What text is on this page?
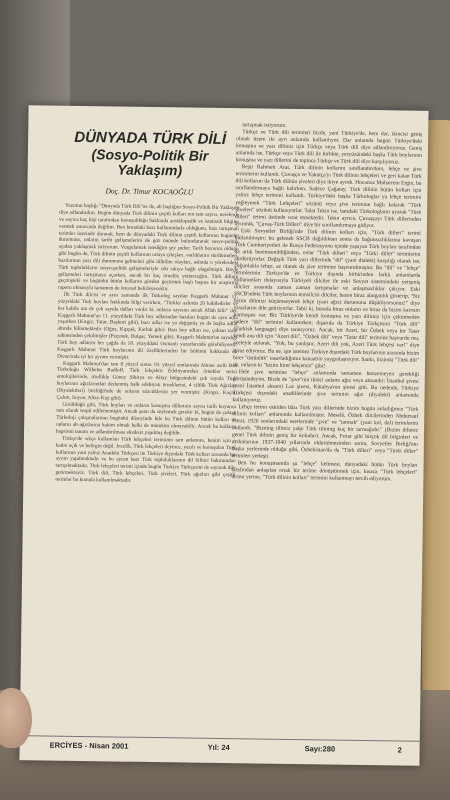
DÜNYADA TÜRK DİLİ
(Sosyo-Politik Bir
Yaklaşım)
Doç. Dr. Timur KOCAOĞLU

Yazımın başlığı "Dünyada Türk Dili"ne de, alt başlığını Sosyo-Politik Bir Yaklaşım diye adlandırdım. Bugün dünyada Türk dilinin çeşitli kolları nın tam sayısı, nerelerde ve sayıca kaç kişi tarafından konuşulduğu hakkında ansiklopedik ve istatistik bilgiler vermek amacında değilim. Ben buradaki bazı kullanımlarla olduğunu, bazı tartışmalı terimler üzerinde durarak, hem de dünyadaki Türk dilinin çeşitli kollarının bugünkü durumuna, onların tarihi gelişmelerini de göz önünde bulundurarak sosyo-politik açıdan yaklaşmak istiyorum. Vurgulamak istediğim şey şudur: Tarih boyunca olduğu gibi bugün de, Türk dilinin çeşitli kollarının ortaya çıkışları, varlıklarını sürdürmeleri, bazılarının yazı dili durumuna gelmeleri gibi dilbilim olayları, aslında o yörelerdeki Türk toplulukların sosyo-politik gelişmeleriyle sıkı sıkıya bağlı olagelmiştir. Böyle gelişmeleri tartışmaya açarken, ancak bir kaç örnekle yetineceğim. Türk dilinin geçmişteki ve bugünkü bütün kollarını gözden geçirmek başlı başına bir araştırma raporu olmasıyla tamamen de öncesel belirleyecektir.

İlk Türk dilcisi ve aynı zamanda ilk Türkolog sayılan Kaşgarlı Mahmut 11. yüzyıldaki Türk boyları hakkında bilgi verirken, "Türkler aslında 20 kabiledirler ve her kabile nin de çok sayıda dalları vardır ki, onların sayısını ancak Allah bilir" der. Kaşgarlı Mahmut'un 11. yüzyıldaki Türk boy adlarından bazıları bugün de aynı adla yaşarken (Kırgız, Tatar, Başkurt gibi), bazı adlar ise ya değişmiş ya da başka adlar altında bilinmektedir (Oğuz, Kıpçak, Karluk gibi). Bazı boy adları ise, çoktan tarih sahnesinden çekilmişler (Peçenek, Bulgar, Yemek gibi). Kaşgarlı Mahmut'un sayıdığı Türk boy adlarını her çağda da 18. yüzyıldaki Osmanlı yazarlarında görebiliyoruz. Kaşgarlı Mahmut Türk boylarının dil özelliklerinden bir bölümü hakkında da Divan'ında iyi bir ayrıntı vermiştir.

Kaşgarlı Mahmut'dan tam 8 yüzyıl sonra 19. yüzyıl sonlarında Alman asıllı Rus Türkoloğu Wilhelm Radloff, Türk lehçeleri Edebiyatından örnekler serisi antolojilerinde, özellikle Güney Sibirya ve Altay bölgesindeki çok sayıda Türk boylarının ağızlarından derlenmiş halk edebiyatı örneklerini, 4 ciltlik Türk Ağızları (Diyalektleri) Sözlüğü'nde de onların sözcüklerini yer vermiştir. (Kırgız, Kaçin, Çulım, Soyon, Altay-Kişi gibi).

Görüldüğü gibi, Türk boyları ve onların konuşma dillerinin sayısı tarih boyunca tam olarak tespit edilememiştir. Ancak şunu da söylemek gerekir ki, bugün de çoktan Türkoloji çalışmalarının bugünkü düzeyinde bile bu Türk dilinin bütün kolları ve onların alt-ağızlarına hakim olmak belki de mümkün olmayabilir. Ancak bu kolların hepsinin tanımı ve adlandırılması eksiksiz yapılmış değildir.

Türkçe'de sıkça kullanılan Türk lehçeleri teriminin tam anlamını, benim için o kadar açık ve belirgin değil. İncelik, Türk lehçeleri deyince, yazılı ve konuşulan Türk kollarının yani yalnız Anadolu Türkçesi ile Türkiye dışındaki Türk kolları arasında bir ayrım yapılmaktadır ve bu ayrım bazı Türk topluluklarının dil bilinci bakımından tartışılmaktadır. Türk lehçeleri terimi içinde bugün Türkiye Türkçesini de sayarak dile getirmekteyiz. Türk dili, Türk lehçeleri, Türk şiveleri, Türk ağızları gibi çeşitli terimler bu konuda kullanılmaktadır.

tartışmak istiyorum.

Türkçe ve Türk dili terimleri bizde, yani Türkiye'de, hem dar, ikincisi geniş olmak üzere iki ayrı anlamda kullanılıyor. Dar anlamda bugün Türkiye'deki konuşma ve yazı dilimiz için Türkçe veya Türk dili diye adlandırıyoruz. Geniş anlamda ise, Türkçe veya Türk dili ile birlikte, yeryüzündeki başka Türk boylarının konuşma ve yazı dillerini de topluca Türkçe ve Türk dili diye karşılıyoruz.

Reşit Rahmeti Arat, Türk dilinin kollarını sınıflandırırken, lehçe ve şive terimlerini kullandı. Çuvaşça ve Yakutça'yı Türk dilinin lehçeleri ve geri kalan Türk dili kollarını da Türk dilinin şiveleri diye ikiye ayırdı. Hocamız Muharrem Ergin, bu sınıflandırmaya bağlı kalırken, Sadece Çağatay, Türk dilinin bütün kolları için yalnız lehçe terimini kullandı. Türkiye'deki başka Türkologlar ya lehçe terimini yeğleyerek "Türk Lehçeleri" sözünü veya şive terimine bağlı kalarak "Türk Şiveleri" sözünü kullanıyorlar. Talat Tekin ise, batıdaki Türkologların uyarak "Türk dilleri" terimi üstünde ısrar etmektedir. Tekin ayrıca, Çuvaşçayı Türk dillerinden ayırarak, "Çuvaş-Türk Dilleri" diye bir sınıflandırmaya gidiyor.

Eski Sovyetler Birliği'nde Türk dilinin kolları için, "Türk dilleri" terimi kullanılmıştır; bu gelenek SSCB dağıldıktan sonra da bağımsızlıklarına kavuşan Türk Cumhuriyetleri ile Rusya Federasyonu içinde yaşayan Türk boyları tarafından da artık benimsenildiğinden, onlar "Türk dilleri" veya "Türki diller" terimlerini sürdürüyorlar. Değişik Türk yazı dillerinde "dil" (yani dialekt) karşılığı olarak ise, çoğunlukla lehçe, az olarak da şive terimine başvurulmuştur. Bu "dil" ve "lehçe" terimlerinin Türkiye'de ve Türkiye dışında birbirinden farklı anlamlarda kullanımları dolayısıyla Türkiyeli dilciler ile eski Sovyet sistemindeki yetişmiş dilciler arasında zaman zaman tartışmalar ve anlaşmazlıklar çıkıyor. Eski SSCB'ndeki Türk boylarının temsilcisi dilciler, bazen biraz alınganlık gösterip, "Siz bizim dilimizi küçümseyerek lehçe (yani ağız) durumuna düşürüyorsunuz!" diye itirazlarını dile getiriyorlar. Tabii ki, burada biraz onların ve biraz da bizim kavram karmaşası var. Biz Türkiye'de kendi konuşma ve yazı dilimiz için çekinmeden sadece "dil" terimini kullanırken; dışarıda da Türkiye Türkçesini "Türk dili" (Turkish language) diye tanıtıyoruz. Ancak, bir Azeri, bir Özbek veya bir Tatar kendi ana dili için "Azeri dili", "Özbek dili" veya "Tatar dili" terimine başvurdu mu, aceleyle atılarak, "Yok, bu yanlıştır, Azeri dili yok, Azeri Türk lehçesi var!" diye itiraz ediyoruz. Bu ne, işte istemez Türkiye dışındaki Türk boylarının arasında bizim birer "üstünlük" tasarladığımız kanaatini yaygınlaştırıyor. Sanki, bizimki "Türk dili" de, onların ki "bizim birer lehçemiz" gibi!

Hele şive terimine "lehçe" anlamında tamamen benzemeyen gerekliği görüşündeyim. Bizde de "şive"nin ikinci anlamı ağız veya aksandır: İstanbul şivesi (yani İstanbul aksanı) Laz şivesi, Kütahya'nın şivesi gibi. Bu nedenle, Türkiye Türkçesi dışındaki anadillerinde şive terimini ağız (diyalekt) anlamında kullanıyoruz.

Lehçe terimi eskiden bâzı Türk yazı dillerinde bizim bugün anladığımız "Türk dilinin kolları" anlamında kullanılmıştır. Meselâ, Özbek dilcilerinden Abdurrauf Fıtrat, 1920 sonlarındaki eserlerinde "şive" ve "tarmak" (yani kol, dal) terimlerini kullandı. "Bizning tilimiz yalpı Türk tilining kuç bir tarmağıdır." (Bizim dilimiz genel Türk dilinin geniş bir koludur). Ancak, Fıtrat gibi birçok dil bilginleri ve aydınlarının 1937-1940 yıllarında oldurulmesinden sonra, Sovyetler Birliği'nin başka yerlerinde olduğu gibi, Özbekistan'da da "Türk dilleri" veya "Türki diller" terimleri yerleşti.

Ben bu konuşmamda şu "lehçe" kelimesi, dünyadaki bütün Türk boyları tarafından anlaşılan ortak bir terime dönüştürmek için, kısaca "Türk lehçeleri" terimi yerine, "Türk dilinin kolları" terimini kullanmayı tercih ediyorum.

ERCİYES - Nisan 2001	Yıl: 24	Sayı:280	2
